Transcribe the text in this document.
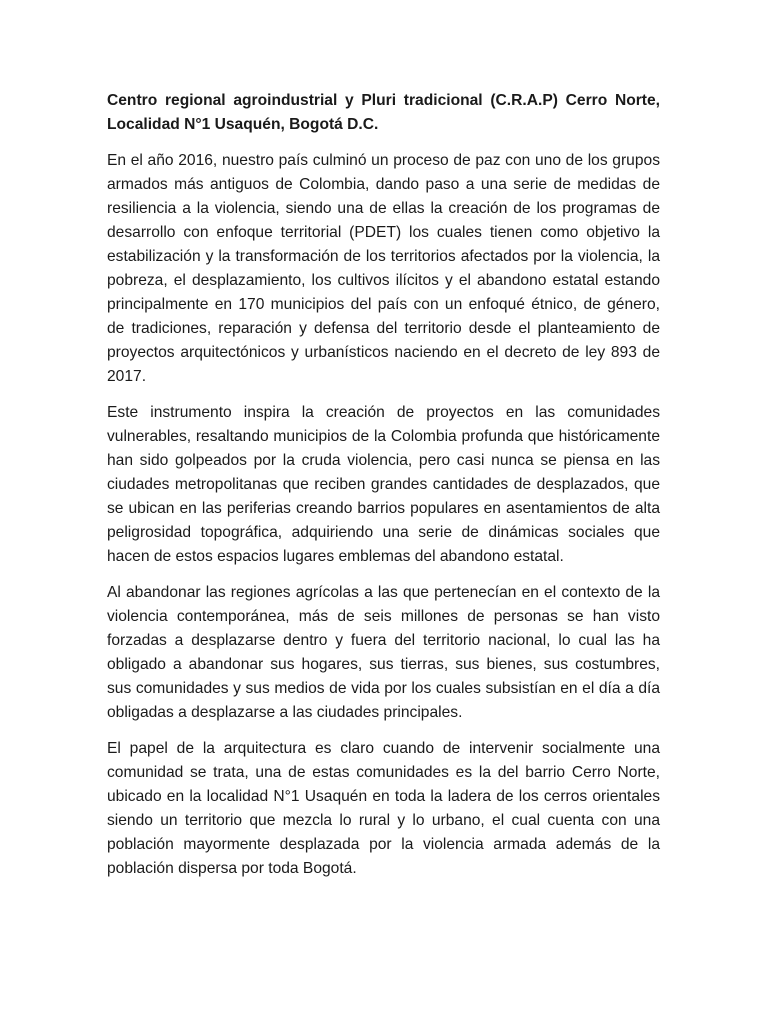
Centro regional agroindustrial y Pluri tradicional (C.R.A.P) Cerro Norte, Localidad N°1 Usaquén, Bogotá D.C.

En el año 2016, nuestro país culminó un proceso de paz con uno de los grupos armados más antiguos de Colombia, dando paso a una serie de medidas de resiliencia a la violencia, siendo una de ellas la creación de los programas de desarrollo con enfoque territorial (PDET) los cuales tienen como objetivo la estabilización y la transformación de los territorios afectados por la violencia, la pobreza, el desplazamiento, los cultivos ilícitos y el abandono estatal estando principalmente en 170 municipios del país con un enfoqué étnico, de género, de tradiciones, reparación y defensa del territorio desde el planteamiento de proyectos arquitectónicos y urbanísticos naciendo en el decreto de ley 893 de 2017.

Este instrumento inspira la creación de proyectos en las comunidades vulnerables, resaltando municipios de la Colombia profunda que históricamente han sido golpeados por la cruda violencia, pero casi nunca se piensa en las ciudades metropolitanas que reciben grandes cantidades de desplazados, que se ubican en las periferias creando barrios populares en asentamientos de alta peligrosidad topográfica, adquiriendo una serie de dinámicas sociales que hacen de estos espacios lugares emblemas del abandono estatal.

Al abandonar las regiones agrícolas a las que pertenecían en el contexto de la violencia contemporánea, más de seis millones de personas se han visto forzadas a desplazarse dentro y fuera del territorio nacional, lo cual las ha obligado a abandonar sus hogares, sus tierras, sus bienes, sus costumbres, sus comunidades y sus medios de vida por los cuales subsistían en el día a día obligadas a desplazarse a las ciudades principales.

El papel de la arquitectura es claro cuando de intervenir socialmente una comunidad se trata, una de estas comunidades es la del barrio Cerro Norte, ubicado en la localidad N°1 Usaquén en toda la ladera de los cerros orientales siendo un territorio que mezcla lo rural y lo urbano, el cual cuenta con una población mayormente desplazada por la violencia armada además de la población dispersa por toda Bogotá.
